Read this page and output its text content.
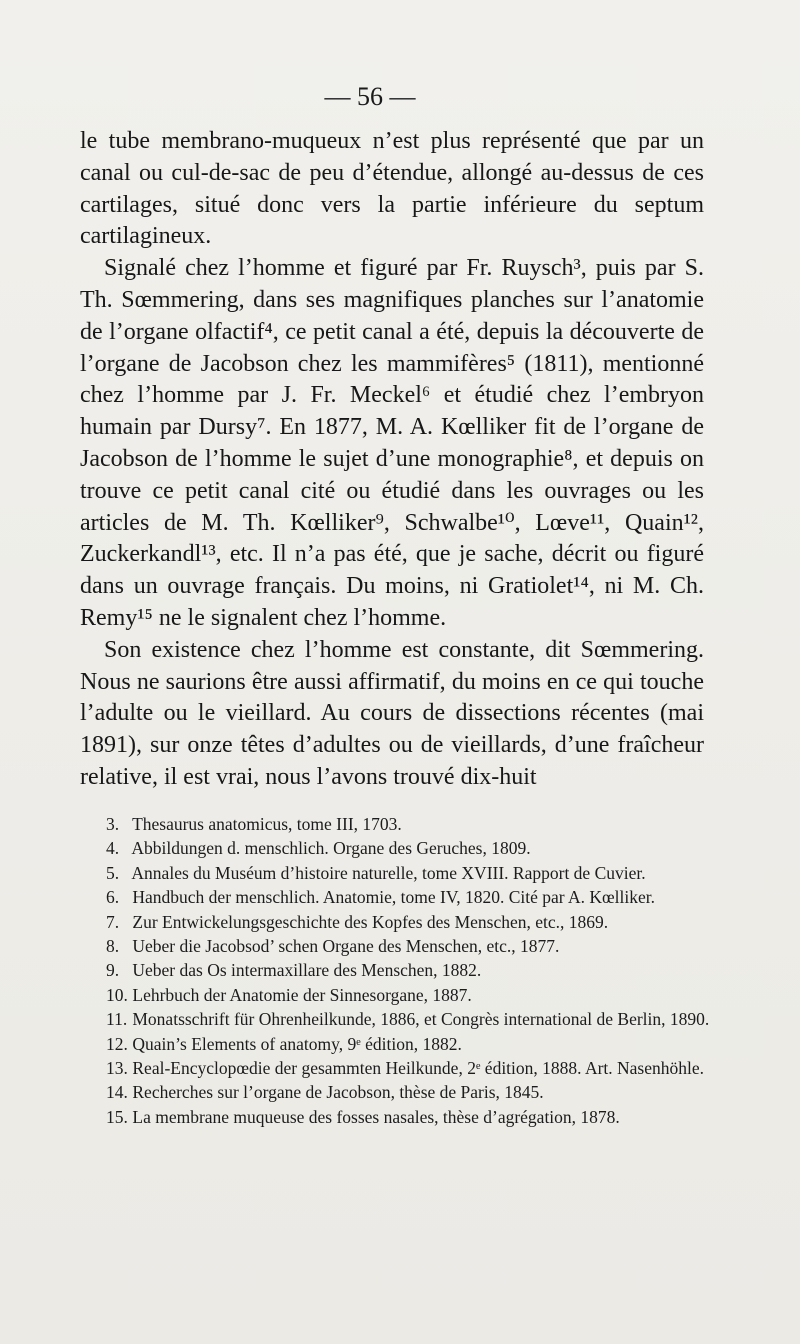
— 56 —

le tube membrano-muqueux n’est plus représenté que par un canal ou cul-de-sac de peu d’étendue, allongé au-dessus de ces cartilages, situé donc vers la partie inférieure du septum cartilagineux.

Signalé chez l’homme et figuré par Fr. Ruysch³, puis par S. Th. Sœmmering, dans ses magnifiques planches sur l’anatomie de l’organe olfactif⁴, ce petit canal a été, depuis la découverte de l’organe de Jacobson chez les mammifères⁵ (1811), mentionné chez l’homme par J. Fr. Meckel⁶ et étudié chez l’embryon humain par Dursy⁷. En 1877, M. A. Kœlliker fit de l’organe de Jacobson de l’homme le sujet d’une monographie⁸, et depuis on trouve ce petit canal cité ou étudié dans les ouvrages ou les articles de M. Th. Kœlliker⁹, Schwalbe¹⁰, Lœve¹¹, Quain¹², Zuckerkandl¹³, etc. Il n’a pas été, que je sache, décrit ou figuré dans un ouvrage français. Du moins, ni Gratiolet¹⁴, ni M. Ch. Remy¹⁵ ne le signalent chez l’homme.

Son existence chez l’homme est constante, dit Sœmmering. Nous ne saurions être aussi affirmatif, du moins en ce qui touche l’adulte ou le vieillard. Au cours de dissections récentes (mai 1891), sur onze têtes d’adultes ou de vieillards, d’une fraîcheur relative, il est vrai, nous l’avons trouvé dix-huit

3. Thesaurus anatomicus, tome III, 1703.

4. Abbildungen d. menschlich. Organe des Geruches, 1809.

5. Annales du Muséum d’histoire naturelle, tome XVIII. Rapport de Cuvier.

6. Handbuch der menschlich. Anatomie, tome IV, 1820. Cité par A. Kœlliker.

7. Zur Entwickelungsgeschichte des Kopfes des Menschen, etc., 1869.

8. Ueber die Jacobsod’ schen Organe des Menschen, etc., 1877.

9. Ueber das Os intermaxillare des Menschen, 1882.

10. Lehrbuch der Anatomie der Sinnesorgane, 1887.

11. Monatsschrift für Ohrenheilkunde, 1886, et Congrès international de Berlin, 1890.

12. Quain’s Elements of anatomy, 9ᵉ édition, 1882.

13. Real-Encyclopœdie der gesammten Heilkunde, 2ᵉ édition, 1888. Art. Nasenhöhle.

14. Recherches sur l’organe de Jacobson, thèse de Paris, 1845.

15. La membrane muqueuse des fosses nasales, thèse d’agrégation, 1878.
